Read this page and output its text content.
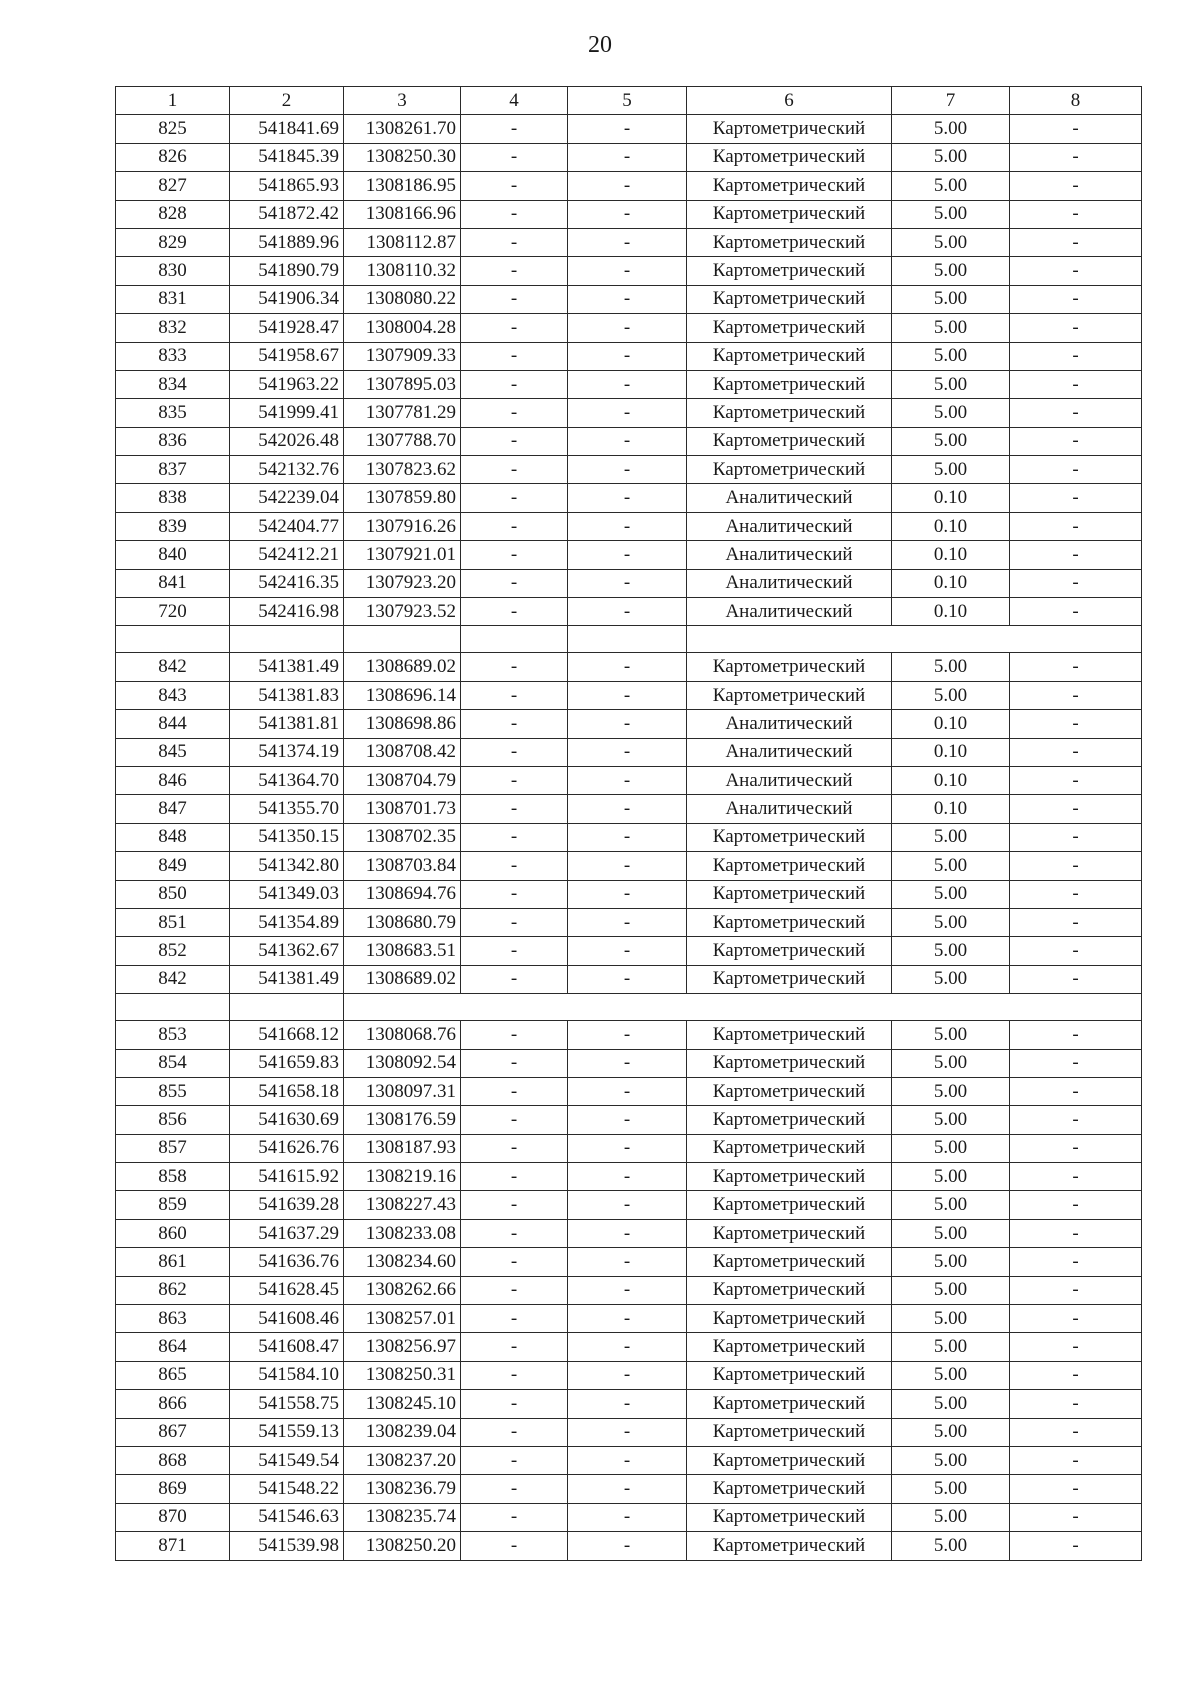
20
1	2	3	4	5	6	7	8
825	541841.69	1308261.70	-	-	Картометрический	5.00	-
826	541845.39	1308250.30	-	-	Картометрический	5.00	-
827	541865.93	1308186.95	-	-	Картометрический	5.00	-
828	541872.42	1308166.96	-	-	Картометрический	5.00	-
829	541889.96	1308112.87	-	-	Картометрический	5.00	-
830	541890.79	1308110.32	-	-	Картометрический	5.00	-
831	541906.34	1308080.22	-	-	Картометрический	5.00	-
832	541928.47	1308004.28	-	-	Картометрический	5.00	-
833	541958.67	1307909.33	-	-	Картометрический	5.00	-
834	541963.22	1307895.03	-	-	Картометрический	5.00	-
835	541999.41	1307781.29	-	-	Картометрический	5.00	-
836	542026.48	1307788.70	-	-	Картометрический	5.00	-
837	542132.76	1307823.62	-	-	Картометрический	5.00	-
838	542239.04	1307859.80	-	-	Аналитический	0.10	-
839	542404.77	1307916.26	-	-	Аналитический	0.10	-
840	542412.21	1307921.01	-	-	Аналитический	0.10	-
841	542416.35	1307923.20	-	-	Аналитический	0.10	-
720	542416.98	1307923.52	-	-	Аналитический	0.10	-

842	541381.49	1308689.02	-	-	Картометрический	5.00	-
843	541381.83	1308696.14	-	-	Картометрический	5.00	-
844	541381.81	1308698.86	-	-	Аналитический	0.10	-
845	541374.19	1308708.42	-	-	Аналитический	0.10	-
846	541364.70	1308704.79	-	-	Аналитический	0.10	-
847	541355.70	1308701.73	-	-	Аналитический	0.10	-
848	541350.15	1308702.35	-	-	Картометрический	5.00	-
849	541342.80	1308703.84	-	-	Картометрический	5.00	-
850	541349.03	1308694.76	-	-	Картометрический	5.00	-
851	541354.89	1308680.79	-	-	Картометрический	5.00	-
852	541362.67	1308683.51	-	-	Картометрический	5.00	-
842	541381.49	1308689.02	-	-	Картометрический	5.00	-

853	541668.12	1308068.76	-	-	Картометрический	5.00	-
854	541659.83	1308092.54	-	-	Картометрический	5.00	-
855	541658.18	1308097.31	-	-	Картометрический	5.00	-
856	541630.69	1308176.59	-	-	Картометрический	5.00	-
857	541626.76	1308187.93	-	-	Картометрический	5.00	-
858	541615.92	1308219.16	-	-	Картометрический	5.00	-
859	541639.28	1308227.43	-	-	Картометрический	5.00	-
860	541637.29	1308233.08	-	-	Картометрический	5.00	-
861	541636.76	1308234.60	-	-	Картометрический	5.00	-
862	541628.45	1308262.66	-	-	Картометрический	5.00	-
863	541608.46	1308257.01	-	-	Картометрический	5.00	-
864	541608.47	1308256.97	-	-	Картометрический	5.00	-
865	541584.10	1308250.31	-	-	Картометрический	5.00	-
866	541558.75	1308245.10	-	-	Картометрический	5.00	-
867	541559.13	1308239.04	-	-	Картометрический	5.00	-
868	541549.54	1308237.20	-	-	Картометрический	5.00	-
869	541548.22	1308236.79	-	-	Картометрический	5.00	-
870	541546.63	1308235.74	-	-	Картометрический	5.00	-
871	541539.98	1308250.20	-	-	Картометрический	5.00	-
